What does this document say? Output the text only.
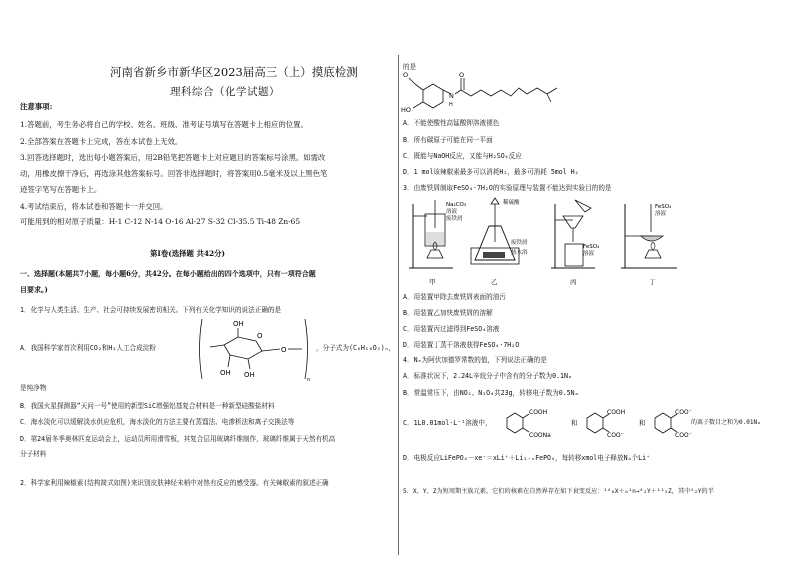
河南省新乡市新华区2023届高三（上）摸底检测
理科综合（化学试题）
注意事项:
1.答题前，考生务必将自己的学校、姓名、班级、准考证号填写在答题卡上相应的位置。
2.全部答案在答题卡上完成，答在本试卷上无效。
3.回答选择题时，选出每小题答案后，用2B铅笔把答题卡上对应题目的答案标号涂黑。如需改
动，用橡皮擦干净后，再选涂其他答案标号。回答非选择题时，将答案用0.5毫米及以上黑色笔
迹签字笔写在答题卡上。
4.考试结束后，将本试卷和答题卡一并交回。
可能用到的相对原子质量：H-1 C-12 N-14 O-16 Al-27 S-32 Cl-35.5 Ti-48 Zn-65
第Ⅰ卷(选择题 共42分)
一、选择题(本题共7小题，每小题6分，共42分。在每小题给出的四个选项中，只有一项符合题
目要求。)
1．化学与人类生活、生产、社会可持续发展密切相关。下列有关化学知识的说法正确的是
A．我国科学家首次利用CO₂和H₂人工合成淀粉
OH
O
OH OH
O
n
，分子式为(C₆H₁₀O₅)ₙ，
是纯净物
B．我国火星探测器“天问一号”使用的新型SiC增强铝基复合材料是一种新型硅酸盐材料
C．海水淡化可以缓解淡水供应危机，海水淡化的方法主要有蒸馏法、电渗析法和离子交换法等
D．第24届冬季奥林匹克运动会上，运动员所用滑雪板，其复合层用玻璃纤维制作，玻璃纤维属于天然有机高
分子材料
2．科学家利用辣椒素(结构简式如图)来识别皮肤神经末梢中对热有反应的感受器。有关辣椒素的叙述正确
的是
O
HO
O
N
H
A．不能使酸性高锰酸钾溶液褪色
B．所有碳原子可能在同一平面
C．既能与NaOH反应，又能与H₂SO₄反应
D．1 mol该辣椒素最多可以消耗H₂，最多可消耗 5mol H₂
3．由废铁屑制取FeSO₄·7H₂O的实验原理与装置不能达到实验目的的是
Na₂CO₃
溶液
废铁屑
甲
稀硫酸
废铁屑
热水浴
乙
FeSO₄
溶液
丙
FeSO₄
溶液
丁
A．用装置甲除去废铁屑表面的油污
B．用装置乙加快废铁屑的溶解
C．用装置丙过滤得到FeSO₄溶液
D．用装置丁蒸干溶液获得FeSO₄·7H₂O
4．Nₐ为阿伏加德罗常数的值，下列说法正确的是
A．标准状况下，2.24L辛烷分子中含有的分子数为0.1Nₐ
B．常温常压下，由NO₂、N₂O₄共23g，转移电子数为0.5Nₐ
C．1L0.01mol·L⁻¹溶液中，
COOH
COONa
COOH
COO⁻
和
COO⁻
COO⁻
和	的离子数目之和为0.01Nₐ
D．电极反应LiFePO₄－xe⁻＝xLi⁺＋Li₁₋ₓFePO₄，每转移xmol电子释放Nₐ个Li⁺
5．X、Y、Z为短周期主族元素，它们的核素在自然界存在如下衰变反应：¹⁴₆X＋₀¹n→⁴₂Y＋¹¹₅Z，其中⁵₂Y的半
